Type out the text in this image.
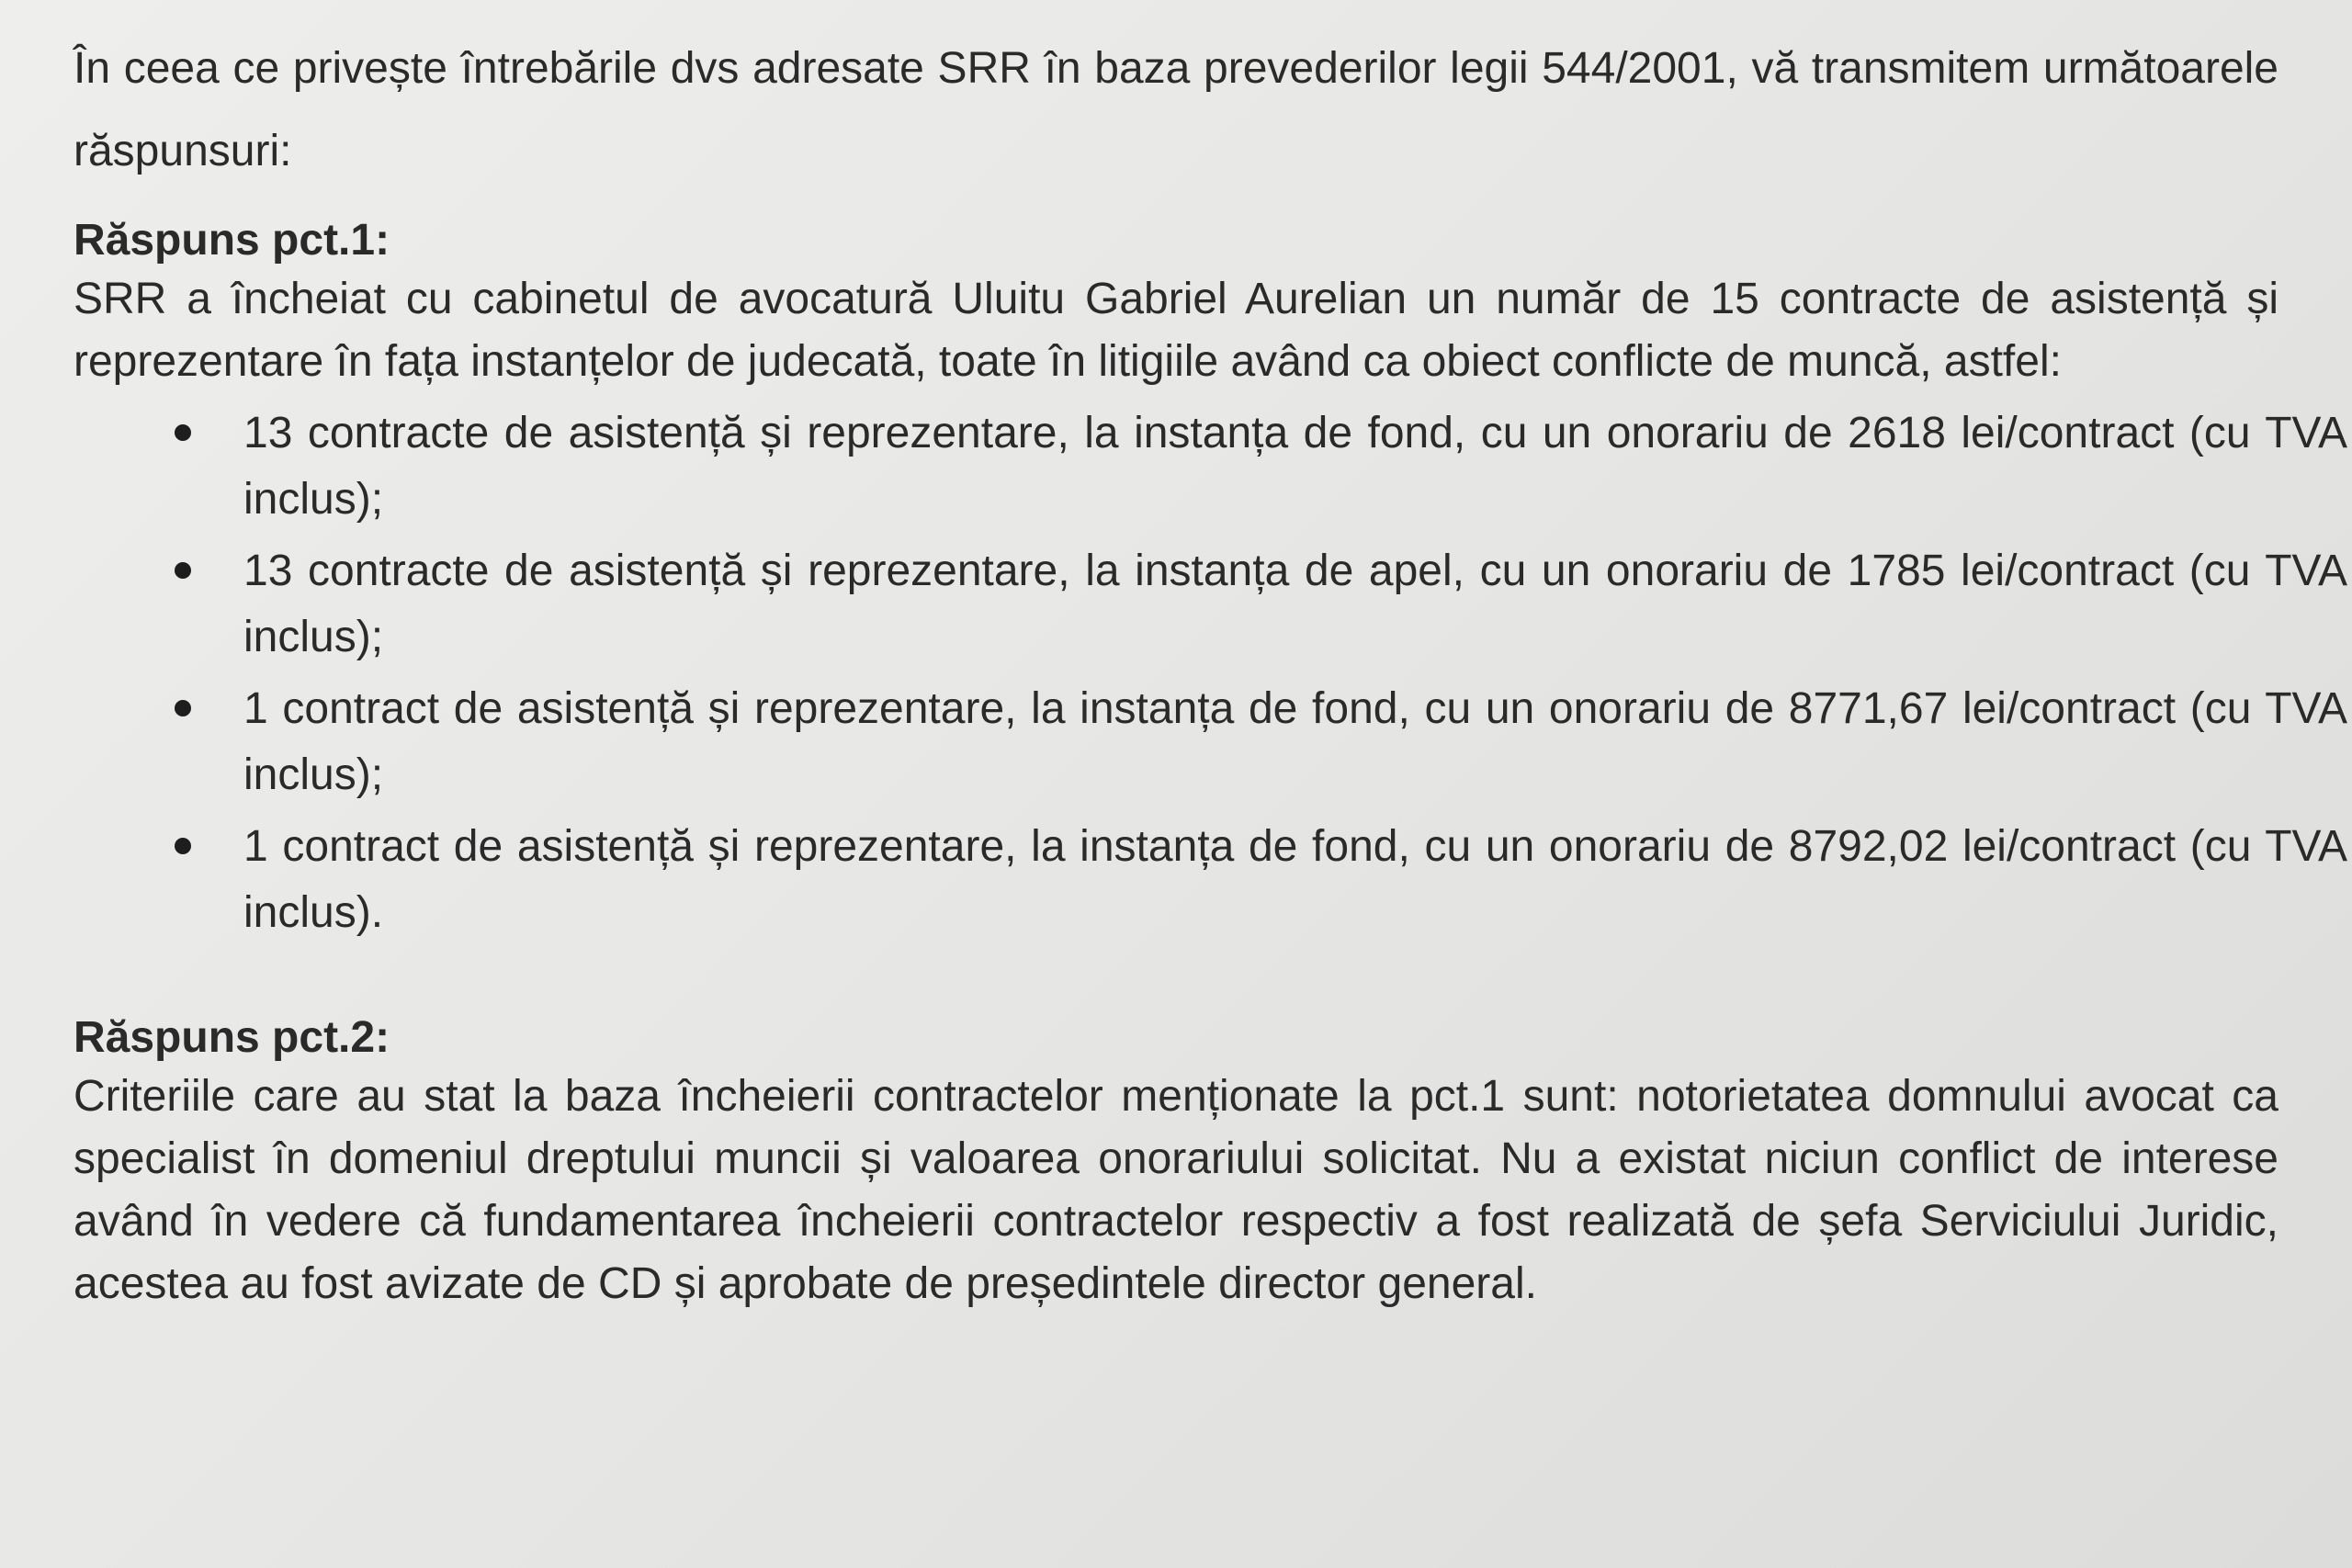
În ceea ce privește întrebările dvs adresate SRR în baza prevederilor legii 544/2001, vă transmitem următoarele răspunsuri:

Răspuns pct.1:

SRR a încheiat cu cabinetul de avocatură Uluitu Gabriel Aurelian un număr de 15 contracte de asistență și reprezentare în fața instanțelor de judecată, toate în litigiile având ca obiect conflicte de muncă, astfel:

13 contracte de asistență și reprezentare, la instanța de fond, cu un onorariu de 2618 lei/contract (cu TVA inclus);
13 contracte de asistență și reprezentare, la instanța de apel, cu un onorariu de 1785 lei/contract (cu TVA inclus);
1 contract de asistență și reprezentare, la instanța de fond, cu un onorariu de 8771,67 lei/contract (cu TVA inclus);
1 contract de asistență și reprezentare, la instanța de fond, cu un onorariu de 8792,02 lei/contract (cu TVA inclus).

Răspuns pct.2:

Criteriile care au stat la baza încheierii contractelor menționate la pct.1 sunt: notorietatea domnului avocat ca specialist în domeniul dreptului muncii și valoarea onorariului solicitat. Nu a existat niciun conflict de interese având în vedere că fundamentarea încheierii contractelor respectiv a fost realizată de șefa Serviciului Juridic, acestea au fost avizate de CD și aprobate de președintele director general.
